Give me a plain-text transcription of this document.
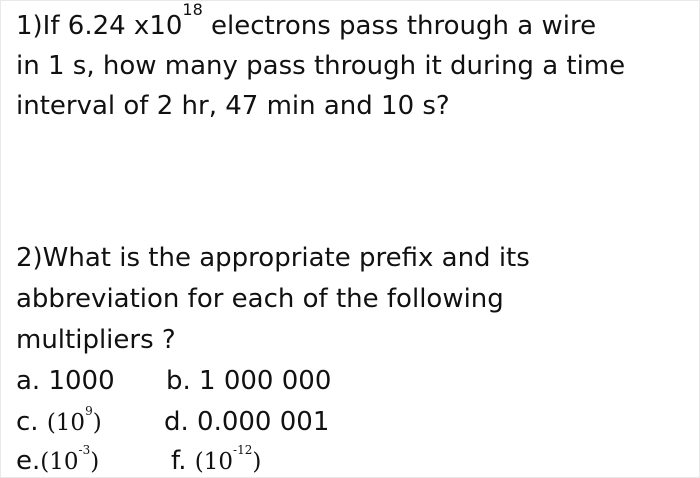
1)If 6.24 $x10^{18}$ electrons pass through a wire
in 1 s, how many pass through it during a time
interval of 2 hr, 47 min and 10 s?
2)What is the appropriate prefix and its
abbreviation for each of the following
multipliers ?
a. 1000 b. 1 000 000
c. $(10^9)$ d. 0.000 001
$e.(10^{-3})$	f. $(10^{-12})$
